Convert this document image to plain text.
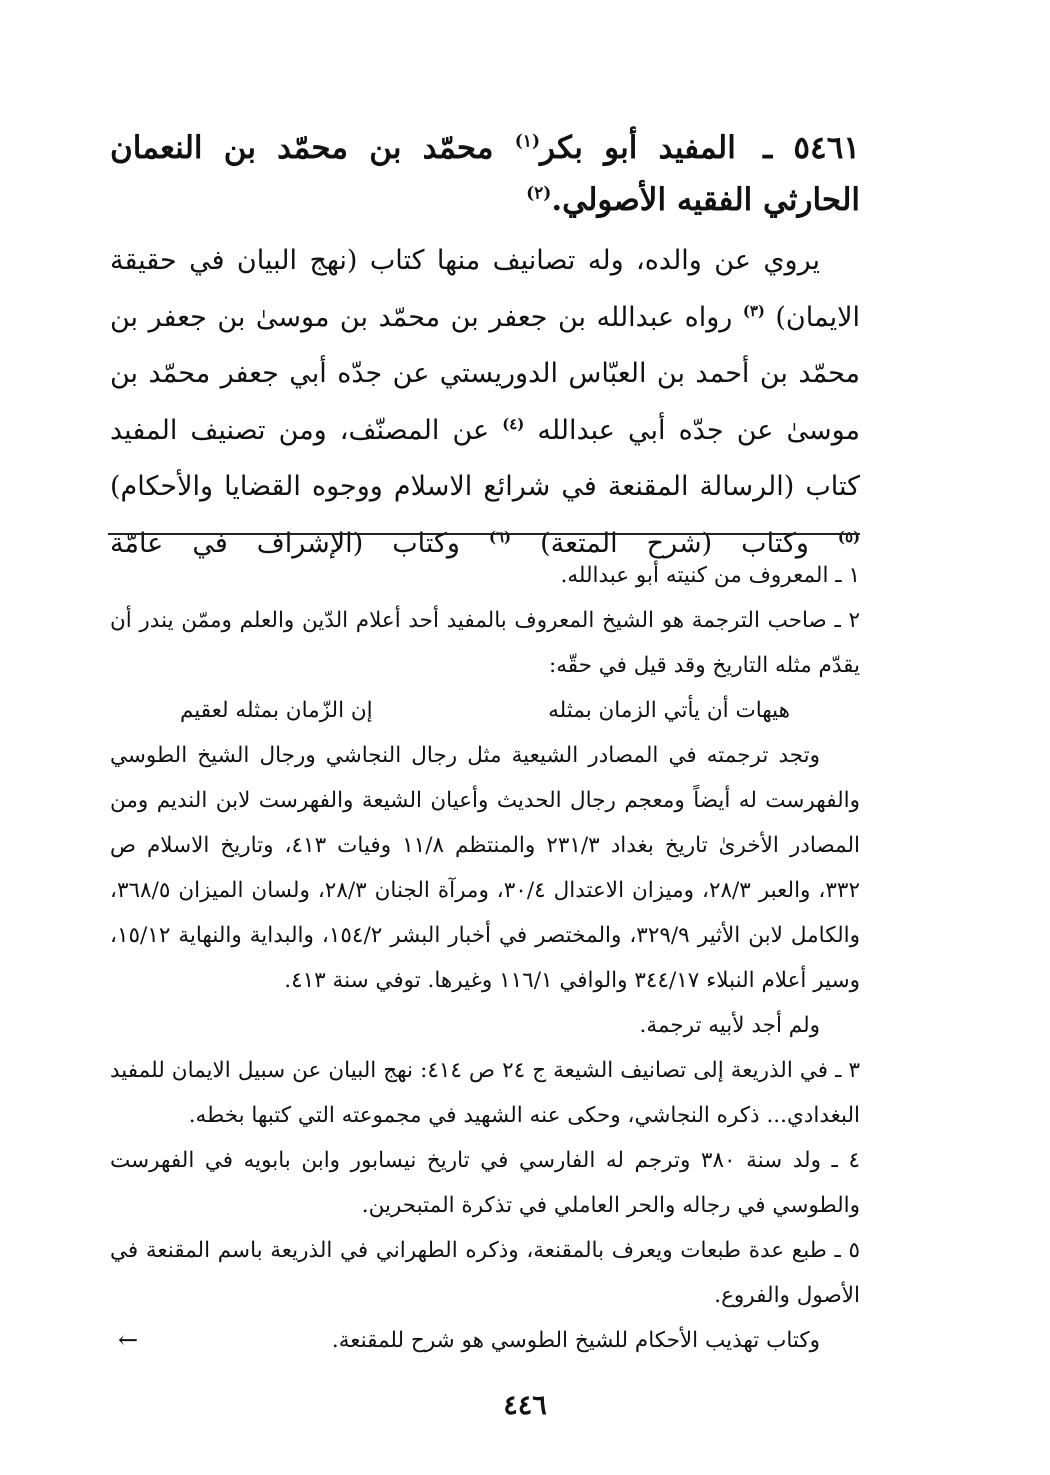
٥٤٦١ ـ المفيد أبو بكر$^{(١)}$ محمّد بن محمّد بن النعمان الحارثي الفقيه الأصولي.$^{(٢)}$
يروي عن والده، وله تصانيف منها كتاب (نهج البيان في حقيقة الايمان) $^{(٣)}$ رواه عبدالله بن جعفر بن محمّد بن موسىٰ بن جعفر بن محمّد بن أحمد بن العبّاس الدوريستي عن جدّه أبي جعفر محمّد بن موسىٰ عن جدّه أبي عبدالله $^{(٤)}$ عن المصنّف، ومن تصنيف المفيد كتاب (الرسالة المقنعة في شرائع الاسلام ووجوه القضايا والأحكام) $^{(٥)}$ وكتاب (شرح المتعة) $^{(٦)}$ وكتاب (الإشراف في عامّة

١ ـ المعروف من كنيته أبو عبدالله.

٢ ـ صاحب الترجمة هو الشيخ المعروف بالمفيد أحد أعلام الدّين والعلم وممّن يندر أن يقدّم مثله التاريخ وقد قيل في حقّه:

هيهات أن يأتي الزمان بمثله
إن الزّمان بمثله لعقيم

وتجد ترجمته في المصادر الشيعية مثل رجال النجاشي ورجال الشيخ الطوسي والفهرست له أيضاً ومعجم رجال الحديث وأعيان الشيعة والفهرست لابن النديم ومن المصادر الأخرىٰ تاريخ بغداد ٢٣١/٣ والمنتظم ١١/٨ وفيات ٤١٣، وتاريخ الاسلام ص ٣٣٢، والعبر ٢٨/٣، وميزان الاعتدال ٣٠/٤، ومرآة الجنان ٢٨/٣، ولسان الميزان ٣٦٨/٥، والكامل لابن الأثير ٣٢٩/٩، والمختصر في أخبار البشر ١٥٤/٢، والبداية والنهاية ١٥/١٢، وسير أعلام النبلاء ٣٤٤/١٧ والوافي ١١٦/١ وغيرها. توفي سنة ٤١٣.

ولم أجد لأبيه ترجمة.

٣ ـ في الذريعة إلى تصانيف الشيعة ج ٢٤ ص ٤١٤: نهج البيان عن سبيل الايمان للمفيد البغدادي... ذكره النجاشي، وحكى عنه الشهيد في مجموعته التي كتبها بخطه.

٤ ـ ولد سنة ٣٨٠ وترجم له الفارسي في تاريخ نيسابور وابن بابويه في الفهرست والطوسي في رجاله والحر العاملي في تذكرة المتبحرين.

٥ ـ طبع عدة طبعات ويعرف بالمقنعة، وذكره الطهراني في الذريعة باسم المقنعة في الأصول والفروع.

وكتاب تهذيب الأحكام للشيخ الطوسي هو شرح للمقنعة.
←
٤٤٦
